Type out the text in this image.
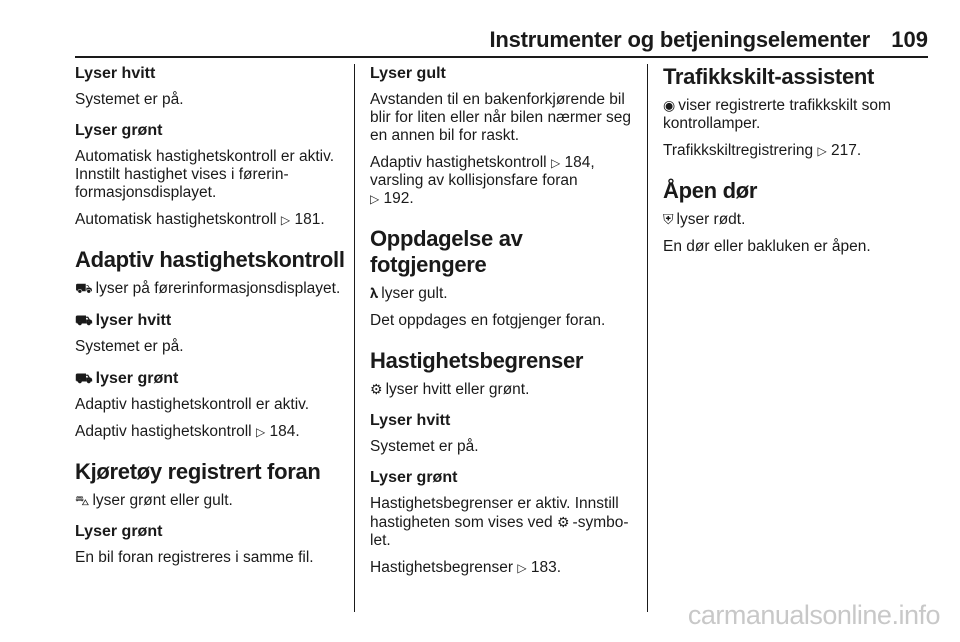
Instrumenter og betjeningselementer 109
Lyser hvitt

Systemet er på.

Lyser grønt

Automatisk hastighetskontroll er aktiv. Innstilt hastighet vises i førerinformasjonsdisplayet.

Automatisk hastighetskontroll ▷ 181.

Adaptiv hastighetskontroll

⛟ lyser på førerinformasjonsdisplayet.

⛟ lyser hvitt

Systemet er på.

⛟ lyser grønt

Adaptiv hastighetskontroll er aktiv.

Adaptiv hastighetskontroll ▷ 184.

Kjøretøy registrert foran

⛍ lyser grønt eller gult.

Lyser grønt

En bil foran registreres i samme fil.

Lyser gult

Avstanden til en bakenforkjørende bil blir for liten eller når bilen nærmer seg en annen bil for raskt.

Adaptiv hastighetskontroll ▷ 184,
varsling av kollisjonsfare foran
▷ 192.

Oppdagelse av fotgjengere

𝛌 lyser gult.

Det oppdages en fotgjenger foran.

Hastighetsbegrenser

⚙ lyser hvitt eller grønt.

Lyser hvitt

Systemet er på.

Lyser grønt

Hastighetsbegrenser er aktiv. Innstill hastigheten som vises ved ⚙ -symbolet.

Hastighetsbegrenser ▷ 183.

Trafikkskilt-assistent

◉ viser registrerte trafikkskilt som kontrollamper.

Trafikkskiltregistrering ▷ 217.

Åpen dør

⛨ lyser rødt.

En dør eller bakluken er åpen.

carmanualsonline.info
